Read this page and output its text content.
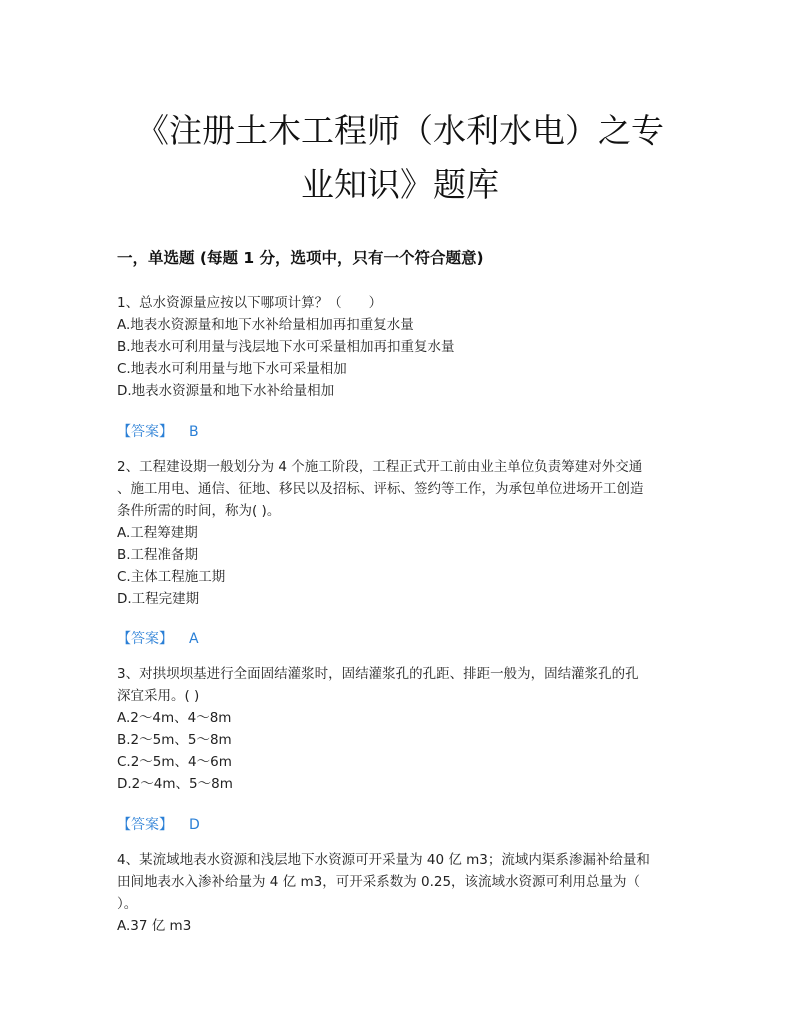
《注册土木工程师（水利水电）之专
业知识》题库
一，单选题 (每题 1 分，选项中，只有一个符合题意)

1、总水资源量应按以下哪项计算？（　　）

A.地表水资源量和地下水补给量相加再扣重复水量

B.地表水可利用量与浅层地下水可采量相加再扣重复水量

C.地表水可利用量与地下水可采量相加

D.地表水资源量和地下水补给量相加

【答案】 B

2、工程建设期一般划分为 4 个施工阶段，工程正式开工前由业主单位负责筹建对外交通

、施工用电、通信、征地、移民以及招标、评标、签约等工作，为承包单位进场开工创造

条件所需的时间，称为( )。

A.工程筹建期

B.工程准备期

C.主体工程施工期

D.工程完建期

【答案】 A

3、对拱坝坝基进行全面固结灌浆时，固结灌浆孔的孔距、排距一般为，固结灌浆孔的孔

深宜采用。( )

A.2～4m、4～8m

B.2～5m、5～8m

C.2～5m、4～6m

D.2～4m、5～8m

【答案】 D

4、某流域地表水资源和浅层地下水资源可开采量为 40 亿 m3；流域内渠系渗漏补给量和

田间地表水入渗补给量为 4 亿 m3，可开采系数为 0.25，该流域水资源可利用总量为（

）。

A.37 亿 m3
